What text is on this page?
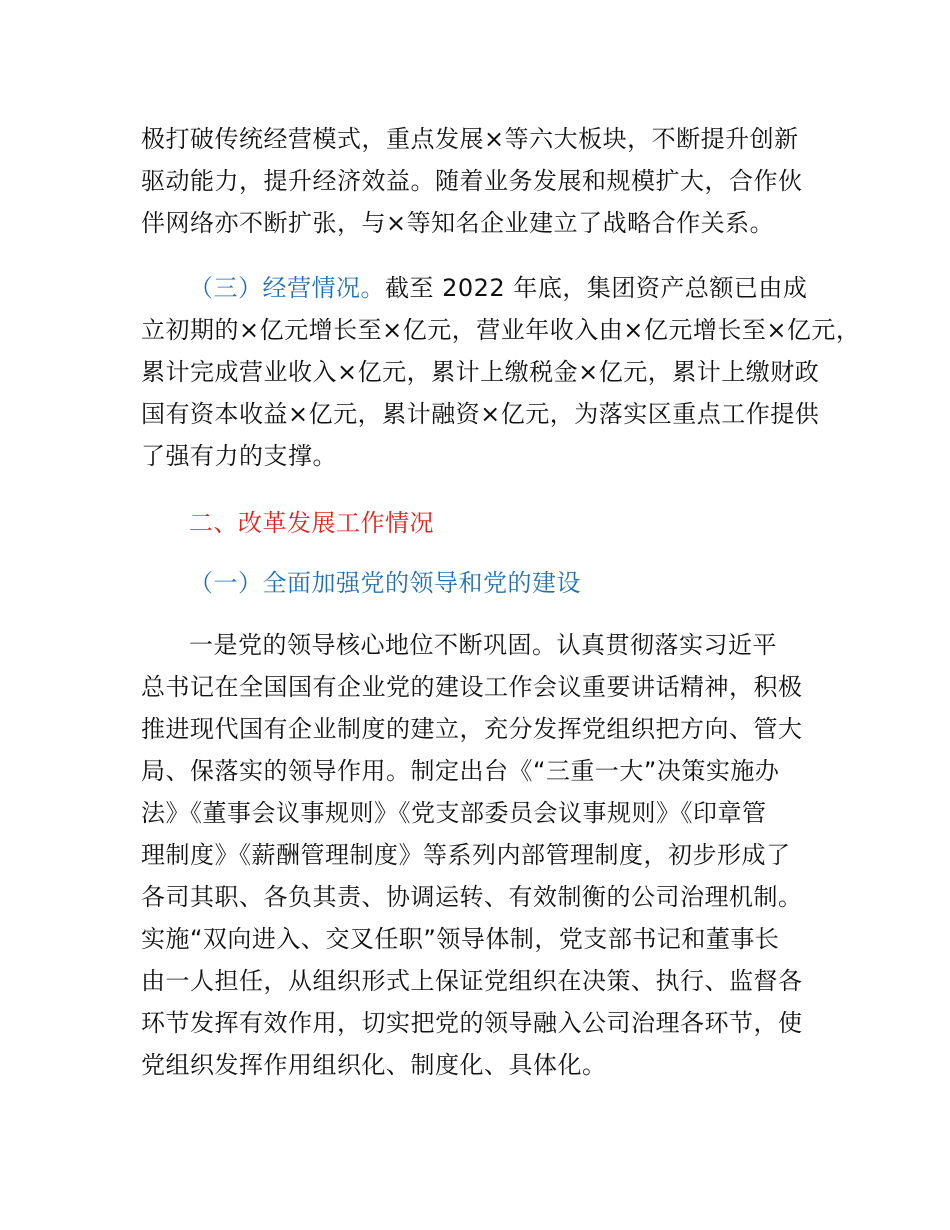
极打破传统经营模式，重点发展×等六大板块，不断提升创新
驱动能力，提升经济效益。随着业务发展和规模扩大，合作伙
伴网络亦不断扩张，与×等知名企业建立了战略合作关系。
（三）经营情况。截至 2022 年底，集团资产总额已由成
立初期的×亿元增长至×亿元，营业年收入由×亿元增长至×亿元，
累计完成营业收入×亿元，累计上缴税金×亿元，累计上缴财政
国有资本收益×亿元，累计融资×亿元，为落实区重点工作提供
了强有力的支撑。
二、改革发展工作情况
（一）全面加强党的领导和党的建设
一是党的领导核心地位不断巩固。认真贯彻落实习近平
总书记在全国国有企业党的建设工作会议重要讲话精神，积极
推进现代国有企业制度的建立，充分发挥党组织把方向、管大
局、保落实的领导作用。制定出台《“三重一大”决策实施办
法》《董事会议事规则》《党支部委员会议事规则》《印章管
理制度》《薪酬管理制度》等系列内部管理制度，初步形成了
各司其职、各负其责、协调运转、有效制衡的公司治理机制。
实施“双向进入、交叉任职”领导体制，党支部书记和董事长
由一人担任，从组织形式上保证党组织在决策、执行、监督各
环节发挥有效作用，切实把党的领导融入公司治理各环节，使
党组织发挥作用组织化、制度化、具体化。
